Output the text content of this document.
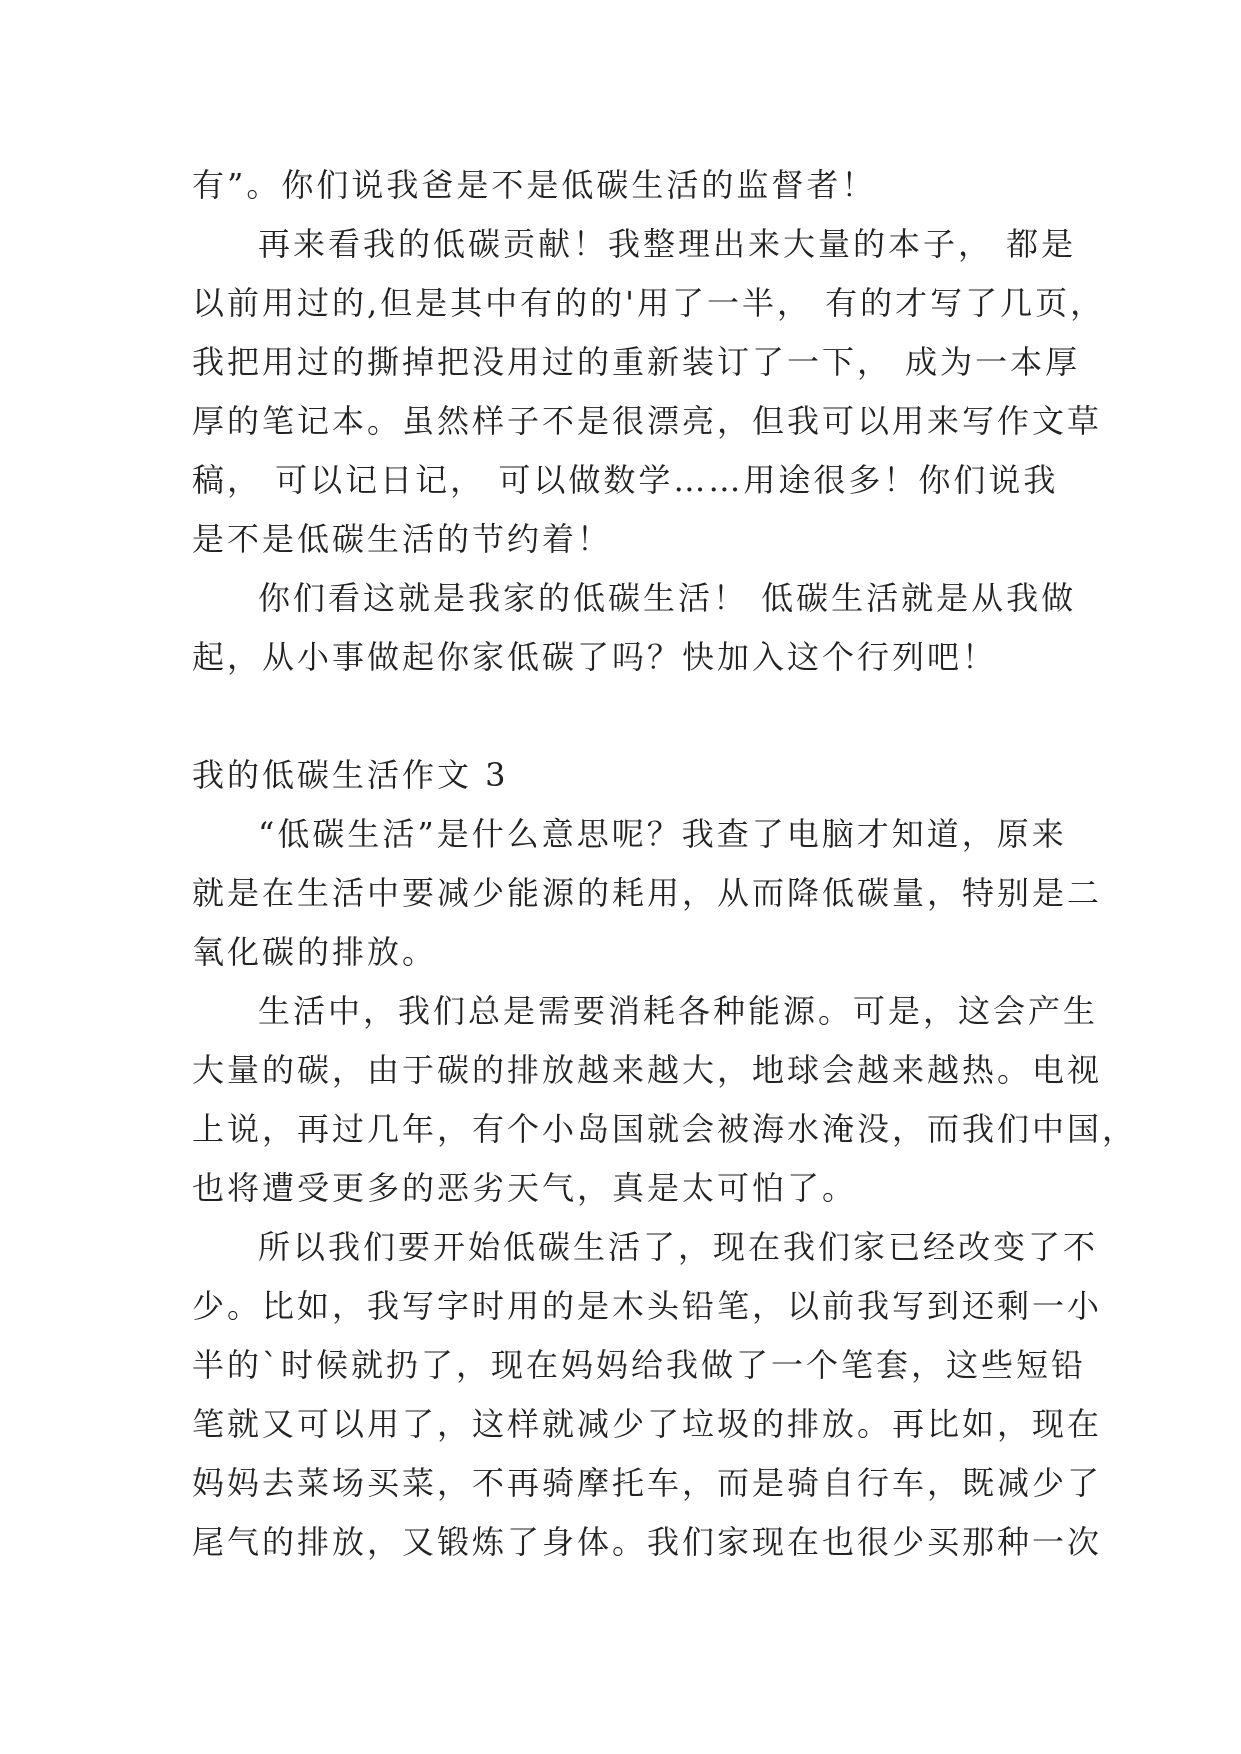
有”。你们说我爸是不是低碳生活的监督者！
再来看我的低碳贡献！我整理出来大量的本子， 都是
以前用过的,但是其中有的的'用了一半， 有的才写了几页，
我把用过的撕掉把没用过的重新装订了一下， 成为一本厚
厚的笔记本。虽然样子不是很漂亮，但我可以用来写作文草
稿， 可以记日记， 可以做数学……用途很多！你们说我
是不是低碳生活的节约着！
你们看这就是我家的低碳生活！ 低碳生活就是从我做
起，从小事做起你家低碳了吗？快加入这个行列吧！
我的低碳生活作文 3
“低碳生活”是什么意思呢？我查了电脑才知道，原来
就是在生活中要减少能源的耗用，从而降低碳量，特别是二
氧化碳的排放。
生活中，我们总是需要消耗各种能源。可是，这会产生
大量的碳，由于碳的排放越来越大，地球会越来越热。电视
上说，再过几年，有个小岛国就会被海水淹没，而我们中国，
也将遭受更多的恶劣天气，真是太可怕了。
所以我们要开始低碳生活了，现在我们家已经改变了不
少。比如，我写字时用的是木头铅笔，以前我写到还剩一小
半的`时候就扔了，现在妈妈给我做了一个笔套，这些短铅
笔就又可以用了，这样就减少了垃圾的排放。再比如，现在
妈妈去菜场买菜，不再骑摩托车，而是骑自行车，既减少了
尾气的排放，又锻炼了身体。我们家现在也很少买那种一次
